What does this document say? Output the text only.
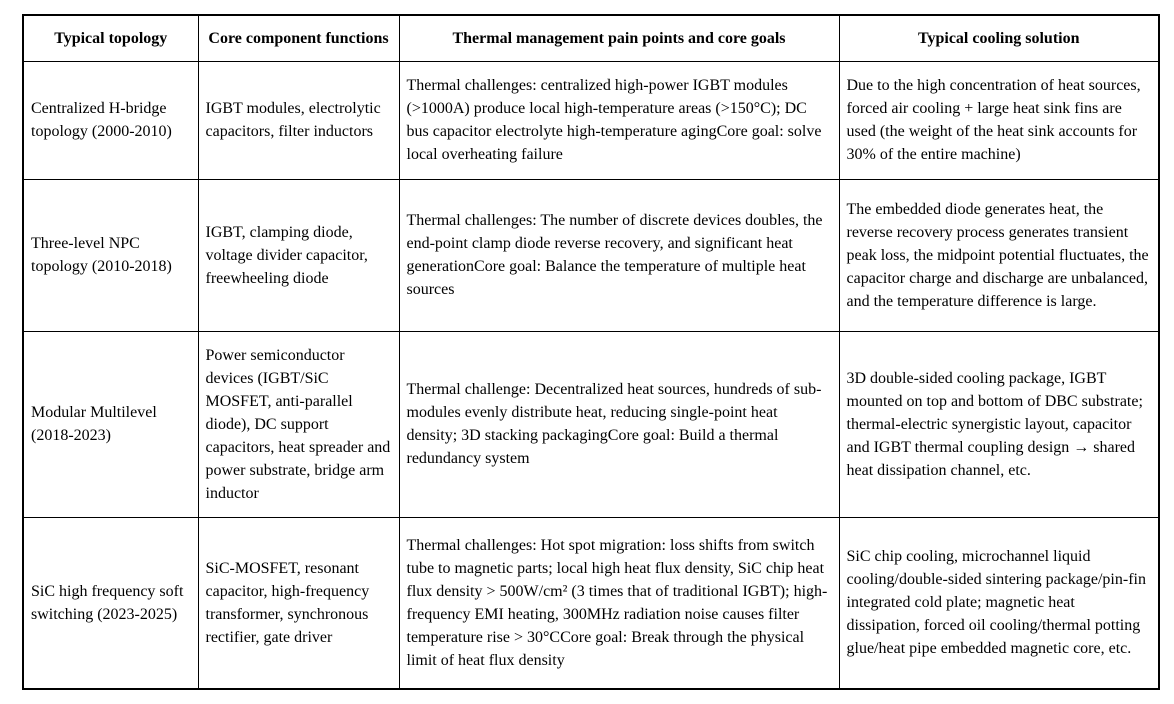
Typical topology	Core component functions	Thermal management pain points and core goals	Typical cooling solution
Centralized H-bridge topology (2000-2010)	IGBT modules, electrolytic capacitors, filter inductors	Thermal challenges: centralized high-power IGBT modules (>1000A) produce local high-temperature areas (>150°C); DC bus capacitor electrolyte high-temperature agingCore goal: solve local overheating failure	Due to the high concentration of heat sources, forced air cooling + large heat sink fins are used (the weight of the heat sink accounts for 30% of the entire machine)
Three-level NPC topology (2010-2018)	IGBT, clamping diode, voltage divider capacitor, freewheeling diode	Thermal challenges: The number of discrete devices doubles, the end-point clamp diode reverse recovery, and significant heat generationCore goal: Balance the temperature of multiple heat sources	The embedded diode generates heat, the reverse recovery process generates transient peak loss, the midpoint potential fluctuates, the capacitor charge and discharge are unbalanced, and the temperature difference is large.
Modular Multilevel (2018-2023)	Power semiconductor devices (IGBT/SiC MOSFET, anti-parallel diode), DC support capacitors, heat spreader and power substrate, bridge arm inductor	Thermal challenge: Decentralized heat sources, hundreds of sub-modules evenly distribute heat, reducing single-point heat density; 3D stacking packagingCore goal: Build a thermal redundancy system	3D double-sided cooling package, IGBT mounted on top and bottom of DBC substrate; thermal-electric synergistic layout, capacitor and IGBT thermal coupling design → shared heat dissipation channel, etc.
SiC high frequency soft switching (2023-2025)	SiC-MOSFET, resonant capacitor, high-frequency transformer, synchronous rectifier, gate driver	Thermal challenges: Hot spot migration: loss shifts from switch tube to magnetic parts; local high heat flux density, SiC chip heat flux density > 500W/cm² (3 times that of traditional IGBT); high-frequency EMI heating, 300MHz radiation noise causes filter temperature rise > 30°CCore goal: Break through the physical limit of heat flux density	SiC chip cooling, microchannel liquid cooling/double-sided sintering package/pin-fin integrated cold plate; magnetic heat dissipation, forced oil cooling/thermal potting glue/heat pipe embedded magnetic core, etc.
